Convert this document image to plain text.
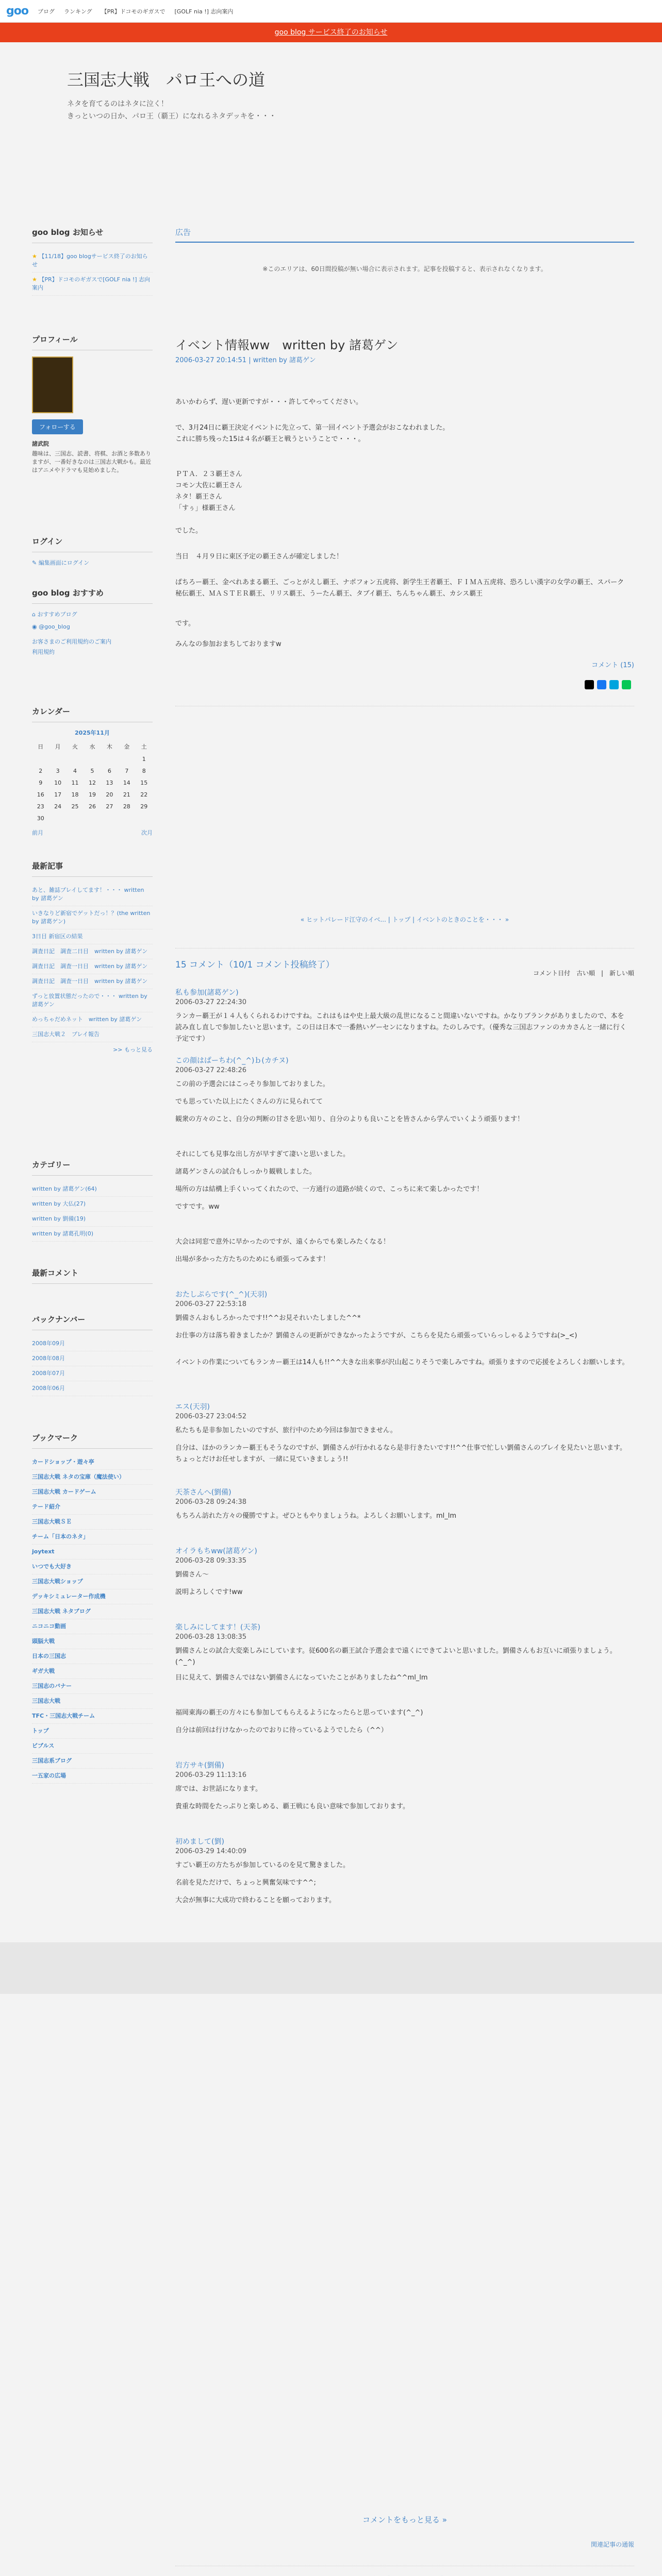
goo ブログ ランキング 【PR】ドコモのギガスで [GOLF nia !] 志向案内
goo blog サービス終了のお知らせ
三国志大戦　パロ王への道

ネタを育てるのはネタに泣く！

きっといつの日か、パロ王（覇王）になれるネタデッキを・・・

goo blog お知らせ
★ 【11/18】goo blogサービス終了のお知らせ
★ 【PR】ドコモのギガスで[GOLF nia !] 志向案内
プロフィール
フォローする
諸武院
趣味は、三国志、読書、将棋、お酒と多数ありますが、一番好きなのは三国志大戦かも。最近はアニメやドラマも見始めました。
ログイン
✎ 編集画面にログイン
goo blog おすすめ
⌂ おすすめブログ
◉ @goo_blog
お客さまのご利用規約のご案内
利用規約
カレンダー
2025年11月
日	月	火	水	木	金	土
						1
2	3	4	5	6	7	8
9	10	11	12	13	14	15
16	17	18	19	20	21	22
23	24	25	26	27	28	29
30						
前月	次月
最新記事
あと、雑誌プレイしてます！・・・ written by 諸葛ゲン
いきなりど新宿でゲットだっ！？(the written by 諸葛ゲン)
3日目 新宿区の結果
調査日記　調査二日目　written by 諸葛ゲン
調査日記　調査一日目　written by 諸葛ゲン
調査日記　調査一日目　written by 諸葛ゲン
ずっと放置状態だったので・・・ written by 諸葛ゲン
めっちゃだめネット　written by 諸葛ゲン
三国志大戦２　プレイ報告
>> もっと見る
カテゴリー
written by 諸葛ゲン(64)
written by 大仏(27)
written by 劉備(19)
written by 諸葛孔明(0)
最新コメント
バックナンバー
2008年09月
2008年08月
2008年07月
2008年06月
ブックマーク
カードショップ・遊々亭
三国志大戦 ネタの宝庫（魔法使い）
三国志大戦 カードゲーム
テード紹介
三国志大戦ＳＥ
チーム「日本のネタ」
joytext
いつでも大好き
三国志大戦ショップ
デッキシミュレーター作成機
三国志大戦 ネタブログ
ニコニコ動画
頭脳大戦
日本の三国志
ギガ大戦
三国志のバナー
三国志大戦
TFC・三国志大戦チーム
トップ
ビブルス
三国志系ブログ
一五家の広場
広告
※このエリアは、60日間投稿が無い場合に表示されます。記事を投稿すると、表示されなくなります。
イベント情報ww　written by 諸葛ゲン
2006-03-27 20:14:51 | written by 諸葛ゲン
あいかわらず、遅い更新ですが・・・許してやってください。
で、3月24日に覇王決定イベントに先立って、第一回イベント予選会がおこなわれました。
これに勝ち残った15は４名が覇王と戦うということで・・・。
ＰＴＡ．２３覇王さん
コモン大佐に覇王さん
ネタ！覇王さん
「すぅ」様覇王さん
でした。
当日　４月９日に東区予定の覇王さんが確定しました！
ぱちろー覇王、金べれあまる覇王、ごっとがえし覇王、ナポフォン五虎将、新学生王者覇王、ＦＩＭＡ五虎将、恐ろしい漢字の女学の覇王、スパーク秘伝覇王、ＭＡＳＴＥＲ覇王、リリス覇王、うーたん覇王、タブイ覇王、ちんちゃん覇王、カシス覇王
です。
みんなの参加おまちしておりますw
コメント (15)
« ヒットパレード江守のイベ... | トップ | イベントのときのことを・・・ »
15 コメント（10/1 コメント投稿終了）
コメント日付　古い順　|　新しい順
私も参加(諸葛ゲン)
2006-03-27 22:24:30
ランカー覇王が１４人もくられるわけですね。これはもはや史上最大級の乱世になること間違いないですね。かなりブランクがありましたので、本を読み直し直しで参加したいと思います。この日は日本で一番熱いゲーセンになりますね。たのしみです。（優秀な三国志ファンのカカさんと一緒に行く予定です）
この顔はぱーちわ(^_^)ｂ(カチヌ)
2006-03-27 22:48:26
この前の予選会にはこっそり参加しておりました。
でも思っていた以上にたくさんの方に見られてて
観衆の方々のこと、自分の判断の甘さを思い知り、自分のよりも良いことを皆さんから学んでいくよう頑張ります！
それにしても見事な出し方が早すぎて凄いと思いました。
諸葛ゲンさんの試合もしっかり観戦しました。
場所の方は結構上手くいってくれたので、一方通行の道路が続くので、こっちに来て楽しかったです！
ですです。ww
大会は同窓で意外に早かったのですが、遠くからでも楽しみたくなる！
出場が多かった方たちのためにも頑張ってみます！
おたしぷらです(^_^)(天羽)
2006-03-27 22:53:18
劉備さんおもしろかったです!!^^お見それいたしました^^*
お仕事の方は落ち着きましたか？劉備さんの更新ができなかったようですが、こちらを見たら頑張っていらっしゃるようですね(>_<)
イベントの作業についてもランカー覇王は14人も!!^^大きな出来事が沢山起こりそうで楽しみですね。頑張りますので応援をよろしくお願いします。
エス(天羽)
2006-03-27 23:04:52
私たちも是非参加したいのですが、旅行中のため今回は参加できません。
自分は、ほかのランカー覇王もそうなのですが、劉備さんが行かれるなら是非行きたいです!!^^仕事で忙しい劉備さんのプレイを見たいと思います。ちょっとだけお任せしますが、一緒に見ていきましょう!!
天茶さんへ(劉備)
2006-03-28 09:24:38
もちろん訪れた方々の優勝ですよ。ぜひともやりましょうね。よろしくお願いします。ml_lm
オイラもちww(諸葛ゲン)
2006-03-28 09:33:35
劉備さん～
説明よろしくです!ww
楽しみにしてます！(天茶)
2006-03-28 13:08:35
劉備さんとの試合大変楽しみにしています。従600名の覇王試合予選会まで遠くにできてよいと思いました。劉備さんもお互いに頑張りましょう。(^_^)
目に見えて、劉備さんではない劉備さんになっていたことがありましたね^^ml_lm
福岡東海の覇王の方々にも参加してもらえるようになったらと思っています(^_^)
自分は前回は行けなかったのでおりに待っているようでしたら（^^）
岩方サキ(劉備)
2006-03-29 11:13:16
席では、お世話になります。
貴重な時間をたっぷりと楽しめる、覇王戦にも良い意味で参加しております。
初めまして(劉)
2006-03-29 14:40:09
すごい覇王の方たちが参加しているのを見て驚きました。
名前を見ただけで、ちょっと興奮気味です^^;
大会が無事に大成功で終わることを願っております。
コメントをもっと見る »
関連記事の通報
